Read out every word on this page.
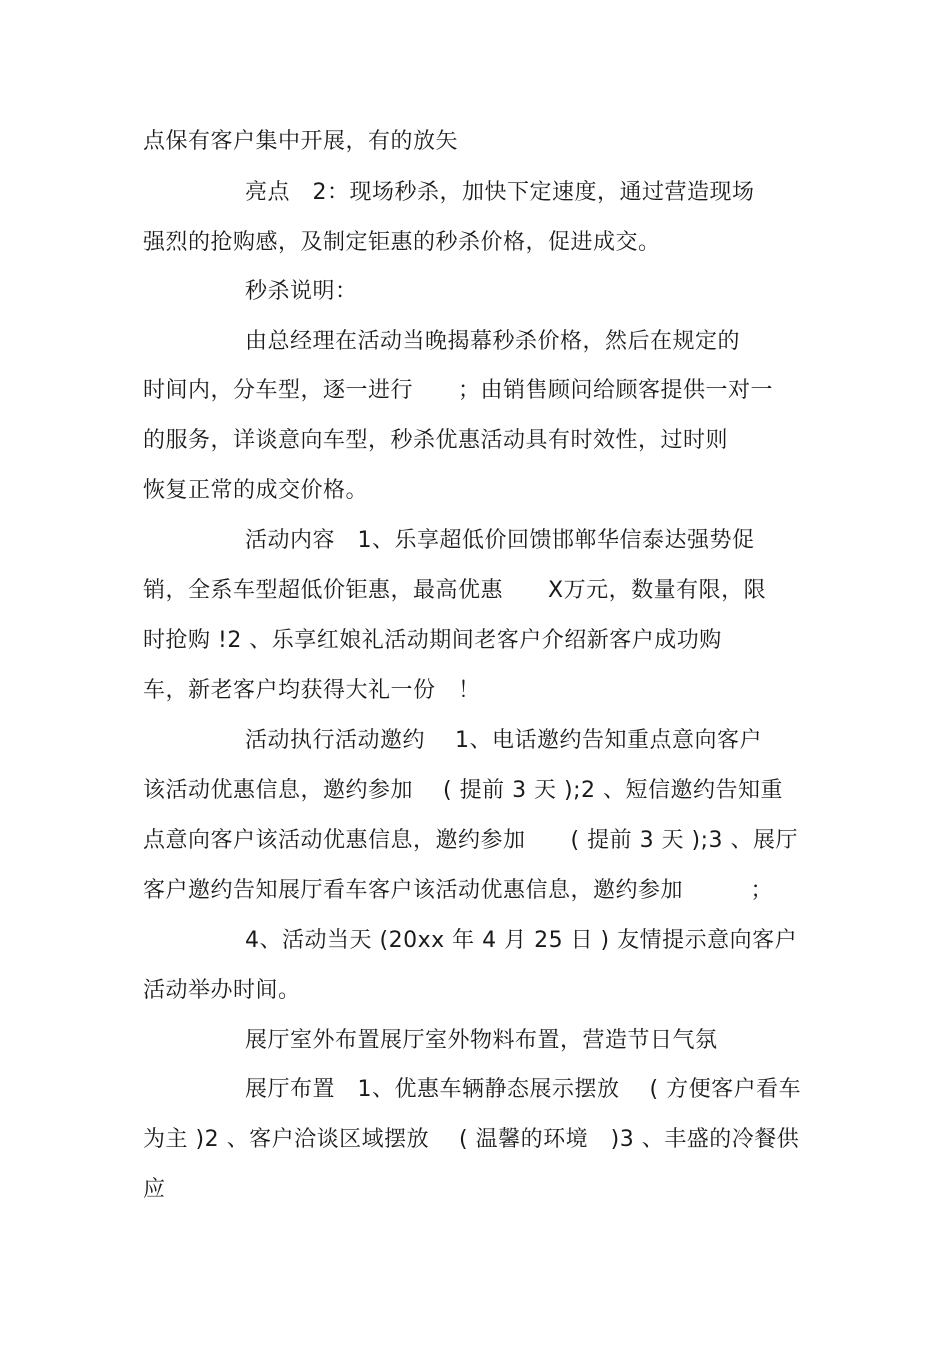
点保有客户集中开展，有的放矢
亮点　2：现场秒杀，加快下定速度，通过营造现场
强烈的抢购感，及制定钜惠的秒杀价格，促进成交。
秒杀说明：
由总经理在活动当晚揭幕秒杀价格，然后在规定的
时间内，分车型，逐一进行　　；由销售顾问给顾客提供一对一
的服务，详谈意向车型，秒杀优惠活动具有时效性，过时则
恢复正常的成交价格。
活动内容　1、乐享超低价回馈邯郸华信泰达强势促
销，全系车型超低价钜惠，最高优惠　　X万元，数量有限，限
时抢购 !2 、乐享红娘礼活动期间老客户介绍新客户成功购
车，新老客户均获得大礼一份　！
活动执行活动邀约　 1、电话邀约告知重点意向客户
该活动优惠信息，邀约参加　 ( 提前 3 天 );2 、短信邀约告知重
点意向客户该活动优惠信息，邀约参加　　( 提前 3 天 );3 、展厅
客户邀约告知展厅看车客户该活动优惠信息，邀约参加　　　；
4、活动当天 (20xx 年 4 月 25 日 ) 友情提示意向客户
活动举办时间。
展厅室外布置展厅室外物料布置，营造节日气氛
展厅布置　1、优惠车辆静态展示摆放　 ( 方便客户看车
为主 )2 、客户洽谈区域摆放　 ( 温馨的环境　)3 、丰盛的冷餐供
应
